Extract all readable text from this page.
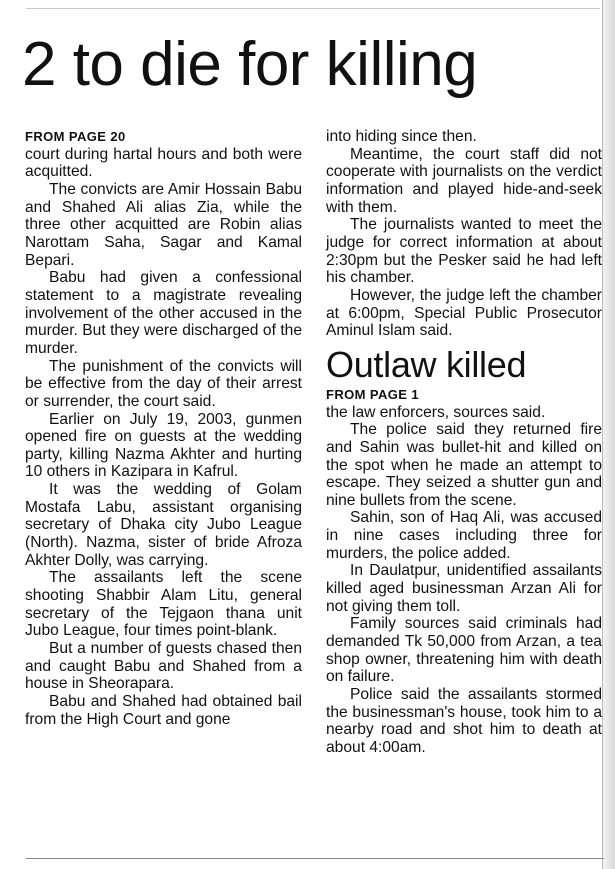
2 to die for killing

FROM PAGE 20

court during hartal hours and both were acquitted.

The convicts are Amir Hossain Babu and Shahed Ali alias Zia, while the three other acquitted are Robin alias Narottam Saha, Sagar and Kamal Bepari.

Babu had given a confessional statement to a magistrate revealing involvement of the other accused in the murder. But they were discharged of the murder.

The punishment of the convicts will be effective from the day of their arrest or surrender, the court said.

Earlier on July 19, 2003, gunmen opened fire on guests at the wedding party, killing Nazma Akhter and hurting 10 others in Kazipara in Kafrul.

It was the wedding of Golam Mostafa Labu, assistant organising secretary of Dhaka city Jubo League (North). Nazma, sister of bride Afroza Akhter Dolly, was carrying.

The assailants left the scene shooting Shabbir Alam Litu, general secretary of the Tejgaon thana unit Jubo League, four times point-blank.

But a number of guests chased then and caught Babu and Shahed from a house in Sheorapara.

Babu and Shahed had obtained bail from the High Court and gone

into hiding since then.

Meantime, the court staff did not cooperate with journalists on the verdict information and played hide-and-seek with them.

The journalists wanted to meet the judge for correct information at about 2:30pm but the Pesker said he had left his chamber.

However, the judge left the chamber at 6:00pm, Special Public Prosecutor Aminul Islam said.

Outlaw killed

FROM PAGE 1

the law enforcers, sources said.

The police said they returned fire and Sahin was bullet-hit and killed on the spot when he made an attempt to escape. They seized a shutter gun and nine bullets from the scene.

Sahin, son of Haq Ali, was accused in nine cases including three for murders, the police added.

In Daulatpur, unidentified assailants killed aged businessman Arzan Ali for not giving them toll.

Family sources said criminals had demanded Tk 50,000 from Arzan, a tea shop owner, threatening him with death on failure.

Police said the assailants stormed the businessman's house, took him to a nearby road and shot him to death at about 4:00am.
